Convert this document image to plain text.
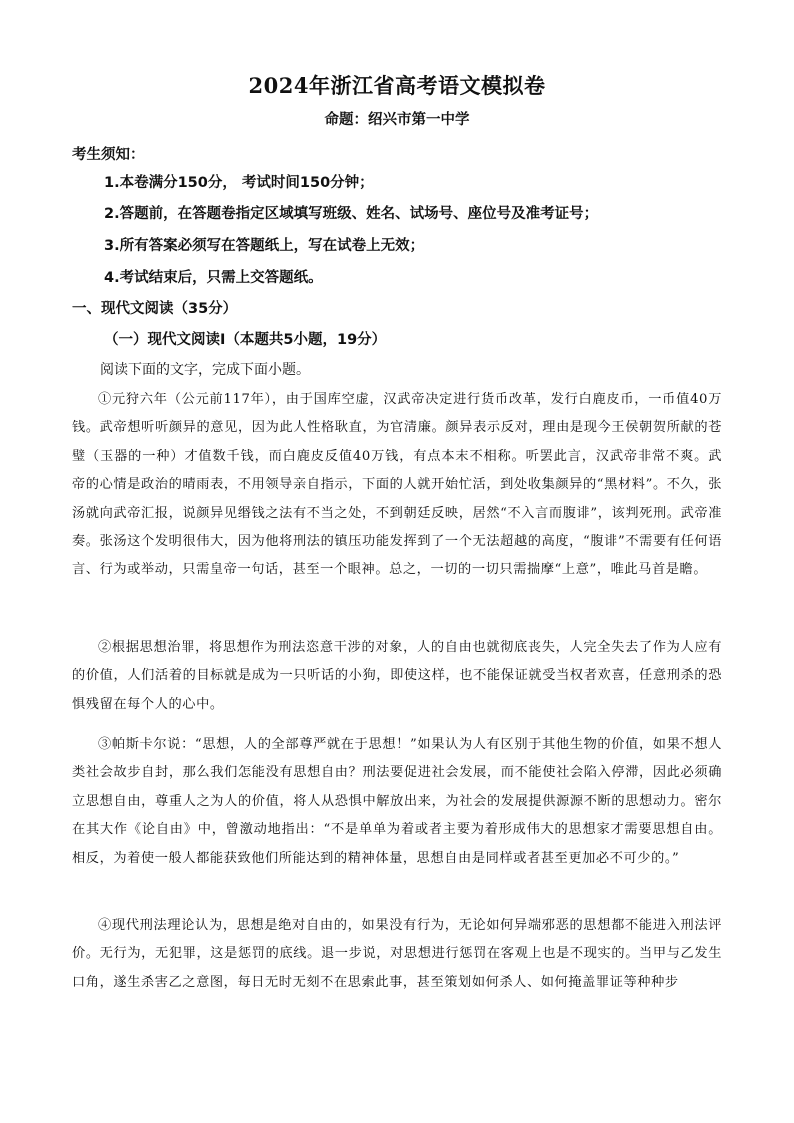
2024年浙江省高考语文模拟卷
命题：绍兴市第一中学
考生须知：
1.本卷满分150分， 考试时间150分钟；
2.答题前，在答题卷指定区域填写班级、姓名、试场号、座位号及准考证号；
3.所有答案必须写在答题纸上，写在试卷上无效；
4.考试结束后，只需上交答题纸。
一、现代文阅读（35分）
（一）现代文阅读Ⅰ（本题共5小题，19分）
阅读下面的文字，完成下面小题。

①元狩六年（公元前117年），由于国库空虚，汉武帝决定进行货币改革，发行白鹿皮币，一币值40万钱。武帝想听听颜异的意见，因为此人性格耿直，为官清廉。颜异表示反对，理由是现今王侯朝贺所献的苍璧（玉器的一种）才值数千钱，而白鹿皮反值40万钱，有点本末不相称。听罢此言，汉武帝非常不爽。武帝的心情是政治的晴雨表，不用领导亲自指示，下面的人就开始忙活，到处收集颜异的“黑材料”。不久，张汤就向武帝汇报，说颜异见缗钱之法有不当之处，不到朝廷反映，居然“不入言而腹诽”，该判死刑。武帝准奏。张汤这个发明很伟大，因为他将刑法的镇压功能发挥到了一个无法超越的高度，“腹诽”不需要有任何语言、行为或举动，只需皇帝一句话，甚至一个眼神。总之，一切的一切只需揣摩“上意”，唯此马首是瞻。

②根据思想治罪，将思想作为刑法恣意干涉的对象，人的自由也就彻底丧失，人完全失去了作为人应有的价值，人们活着的目标就是成为一只听话的小狗，即使这样，也不能保证就受当权者欢喜，任意刑杀的恐惧残留在每个人的心中。

③帕斯卡尔说：“思想，人的全部尊严就在于思想！”如果认为人有区别于其他生物的价值，如果不想人类社会故步自封，那么我们怎能没有思想自由？刑法要促进社会发展，而不能使社会陷入停滞，因此必须确立思想自由，尊重人之为人的价值，将人从恐惧中解放出来，为社会的发展提供源源不断的思想动力。密尔在其大作《论自由》中，曾激动地指出：“不是单单为着或者主要为着形成伟大的思想家才需要思想自由。相反，为着使一般人都能获致他们所能达到的精神体量，思想自由是同样或者甚至更加必不可少的。”

④现代刑法理论认为，思想是绝对自由的，如果没有行为，无论如何异端邪恶的思想都不能进入刑法评价。无行为，无犯罪，这是惩罚的底线。退一步说，对思想进行惩罚在客观上也是不现实的。当甲与乙发生口角，遂生杀害乙之意图，每日无时无刻不在思索此事，甚至策划如何杀人、如何掩盖罪证等种种步
